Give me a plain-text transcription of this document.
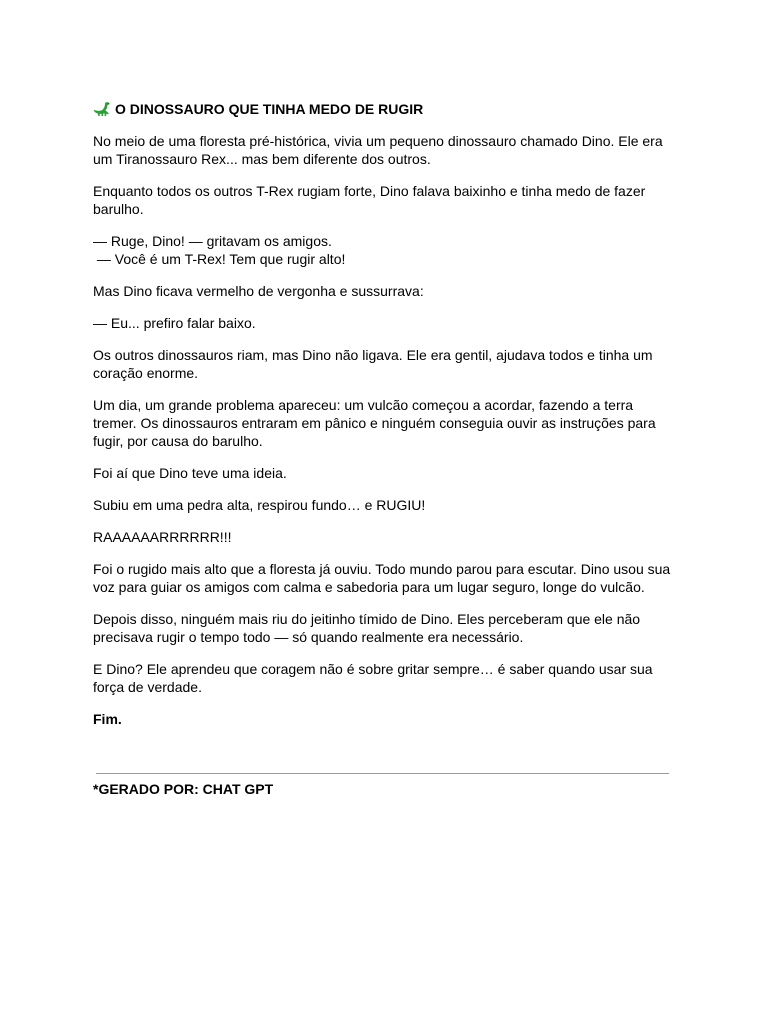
O DINOSSAURO QUE TINHA MEDO DE RUGIR

No meio de uma floresta pré-histórica, vivia um pequeno dinossauro chamado Dino. Ele era um Tiranossauro Rex... mas bem diferente dos outros.

Enquanto todos os outros T-Rex rugiam forte, Dino falava baixinho e tinha medo de fazer barulho.

— Ruge, Dino! — gritavam os amigos.

— Você é um T-Rex! Tem que rugir alto!

Mas Dino ficava vermelho de vergonha e sussurrava:

— Eu... prefiro falar baixo.

Os outros dinossauros riam, mas Dino não ligava. Ele era gentil, ajudava todos e tinha um coração enorme.

Um dia, um grande problema apareceu: um vulcão começou a acordar, fazendo a terra tremer. Os dinossauros entraram em pânico e ninguém conseguia ouvir as instruções para fugir, por causa do barulho.

Foi aí que Dino teve uma ideia.

Subiu em uma pedra alta, respirou fundo… e RUGIU!

RAAAAAARRRRRR!!!

Foi o rugido mais alto que a floresta já ouviu. Todo mundo parou para escutar. Dino usou sua voz para guiar os amigos com calma e sabedoria para um lugar seguro, longe do vulcão.

Depois disso, ninguém mais riu do jeitinho tímido de Dino. Eles perceberam que ele não precisava rugir o tempo todo — só quando realmente era necessário.

E Dino? Ele aprendeu que coragem não é sobre gritar sempre… é saber quando usar sua força de verdade.

Fim.

*GERADO POR: CHAT GPT
